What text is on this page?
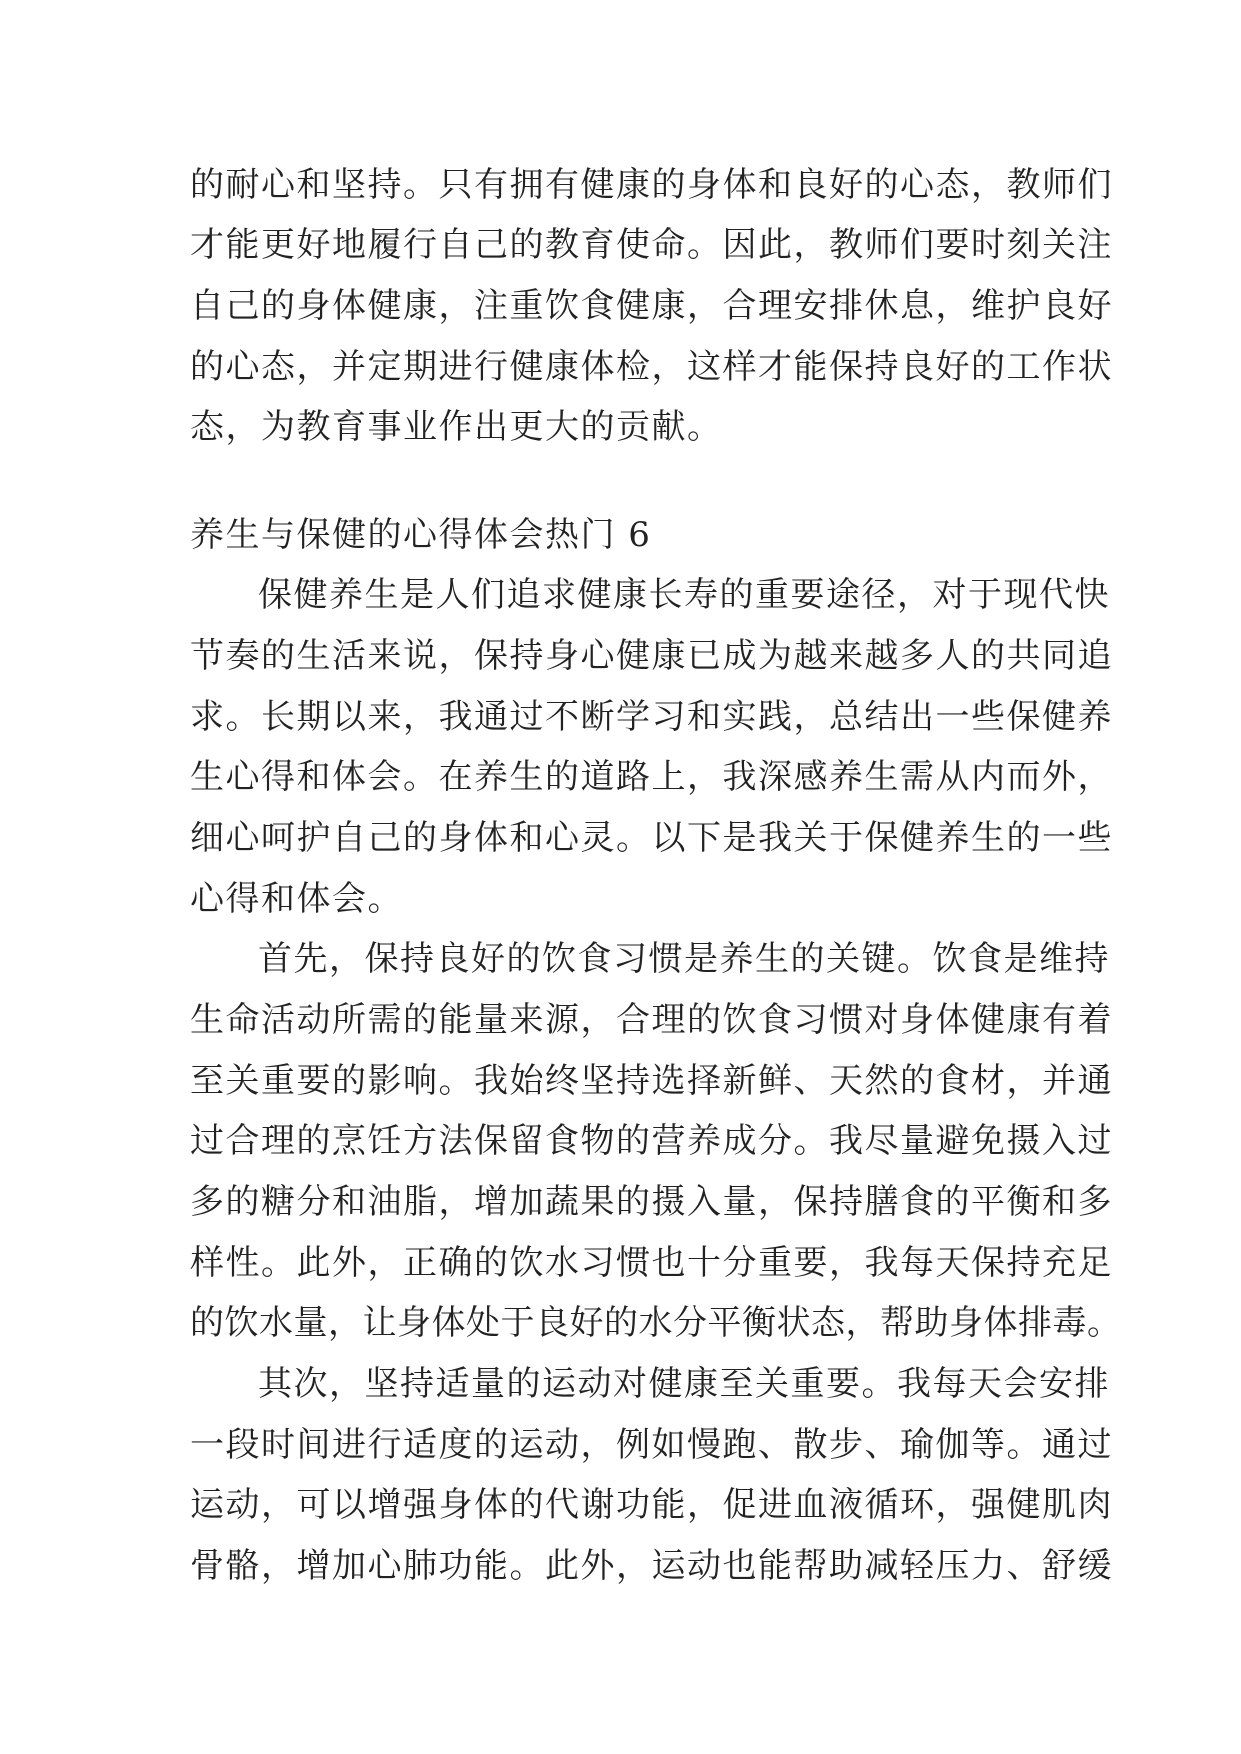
的耐心和坚持。只有拥有健康的身体和良好的心态，教师们
才能更好地履行自己的教育使命。因此，教师们要时刻关注
自己的身体健康，注重饮食健康，合理安排休息，维护良好
的心态，并定期进行健康体检，这样才能保持良好的工作状
态，为教育事业作出更大的贡献。
养生与保健的心得体会热门 6
保健养生是人们追求健康长寿的重要途径，对于现代快
节奏的生活来说，保持身心健康已成为越来越多人的共同追
求。长期以来，我通过不断学习和实践，总结出一些保健养
生心得和体会。在养生的道路上，我深感养生需从内而外，
细心呵护自己的身体和心灵。以下是我关于保健养生的一些
心得和体会。
首先，保持良好的饮食习惯是养生的关键。饮食是维持
生命活动所需的能量来源，合理的饮食习惯对身体健康有着
至关重要的影响。我始终坚持选择新鲜、天然的食材，并通
过合理的烹饪方法保留食物的营养成分。我尽量避免摄入过
多的糖分和油脂，增加蔬果的摄入量，保持膳食的平衡和多
样性。此外，正确的饮水习惯也十分重要，我每天保持充足
的饮水量，让身体处于良好的水分平衡状态，帮助身体排毒。
其次，坚持适量的运动对健康至关重要。我每天会安排
一段时间进行适度的运动，例如慢跑、散步、瑜伽等。通过
运动，可以增强身体的代谢功能，促进血液循环，强健肌肉
骨骼，增加心肺功能。此外，运动也能帮助减轻压力、舒缓
